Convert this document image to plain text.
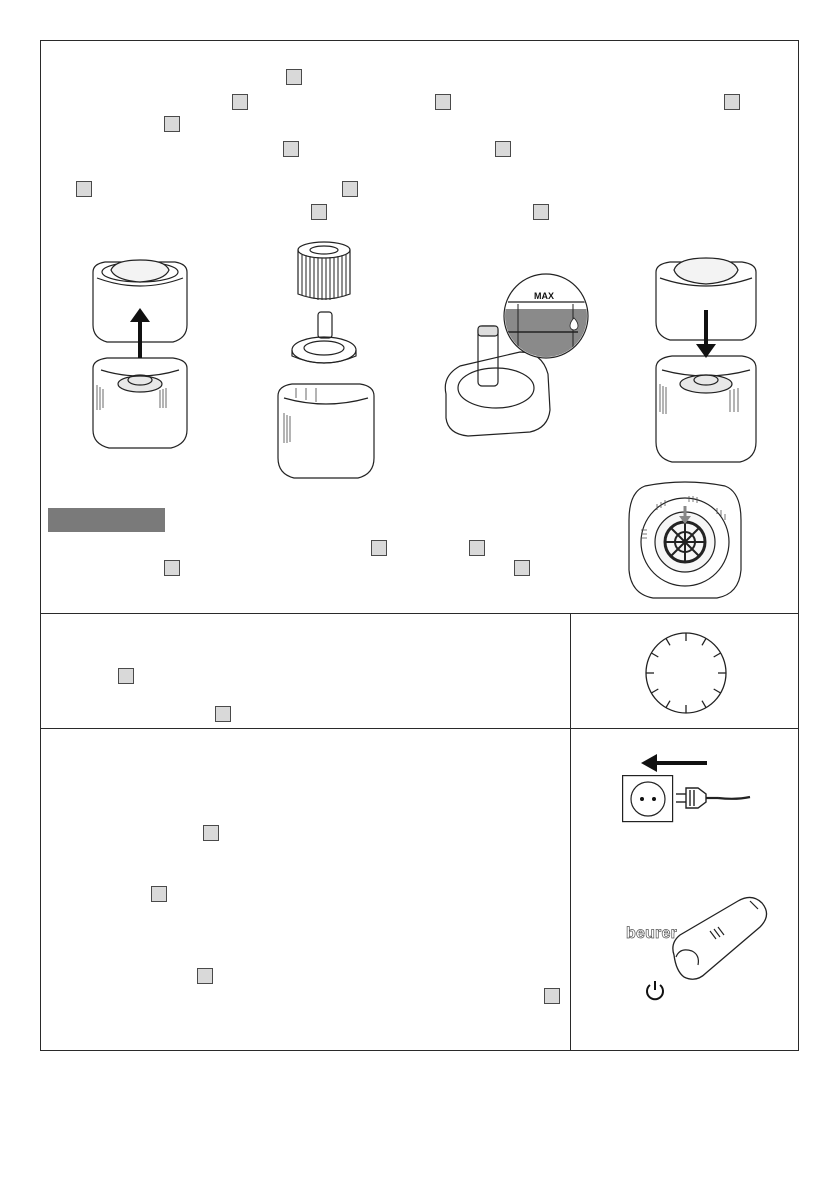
MAX
beurer
